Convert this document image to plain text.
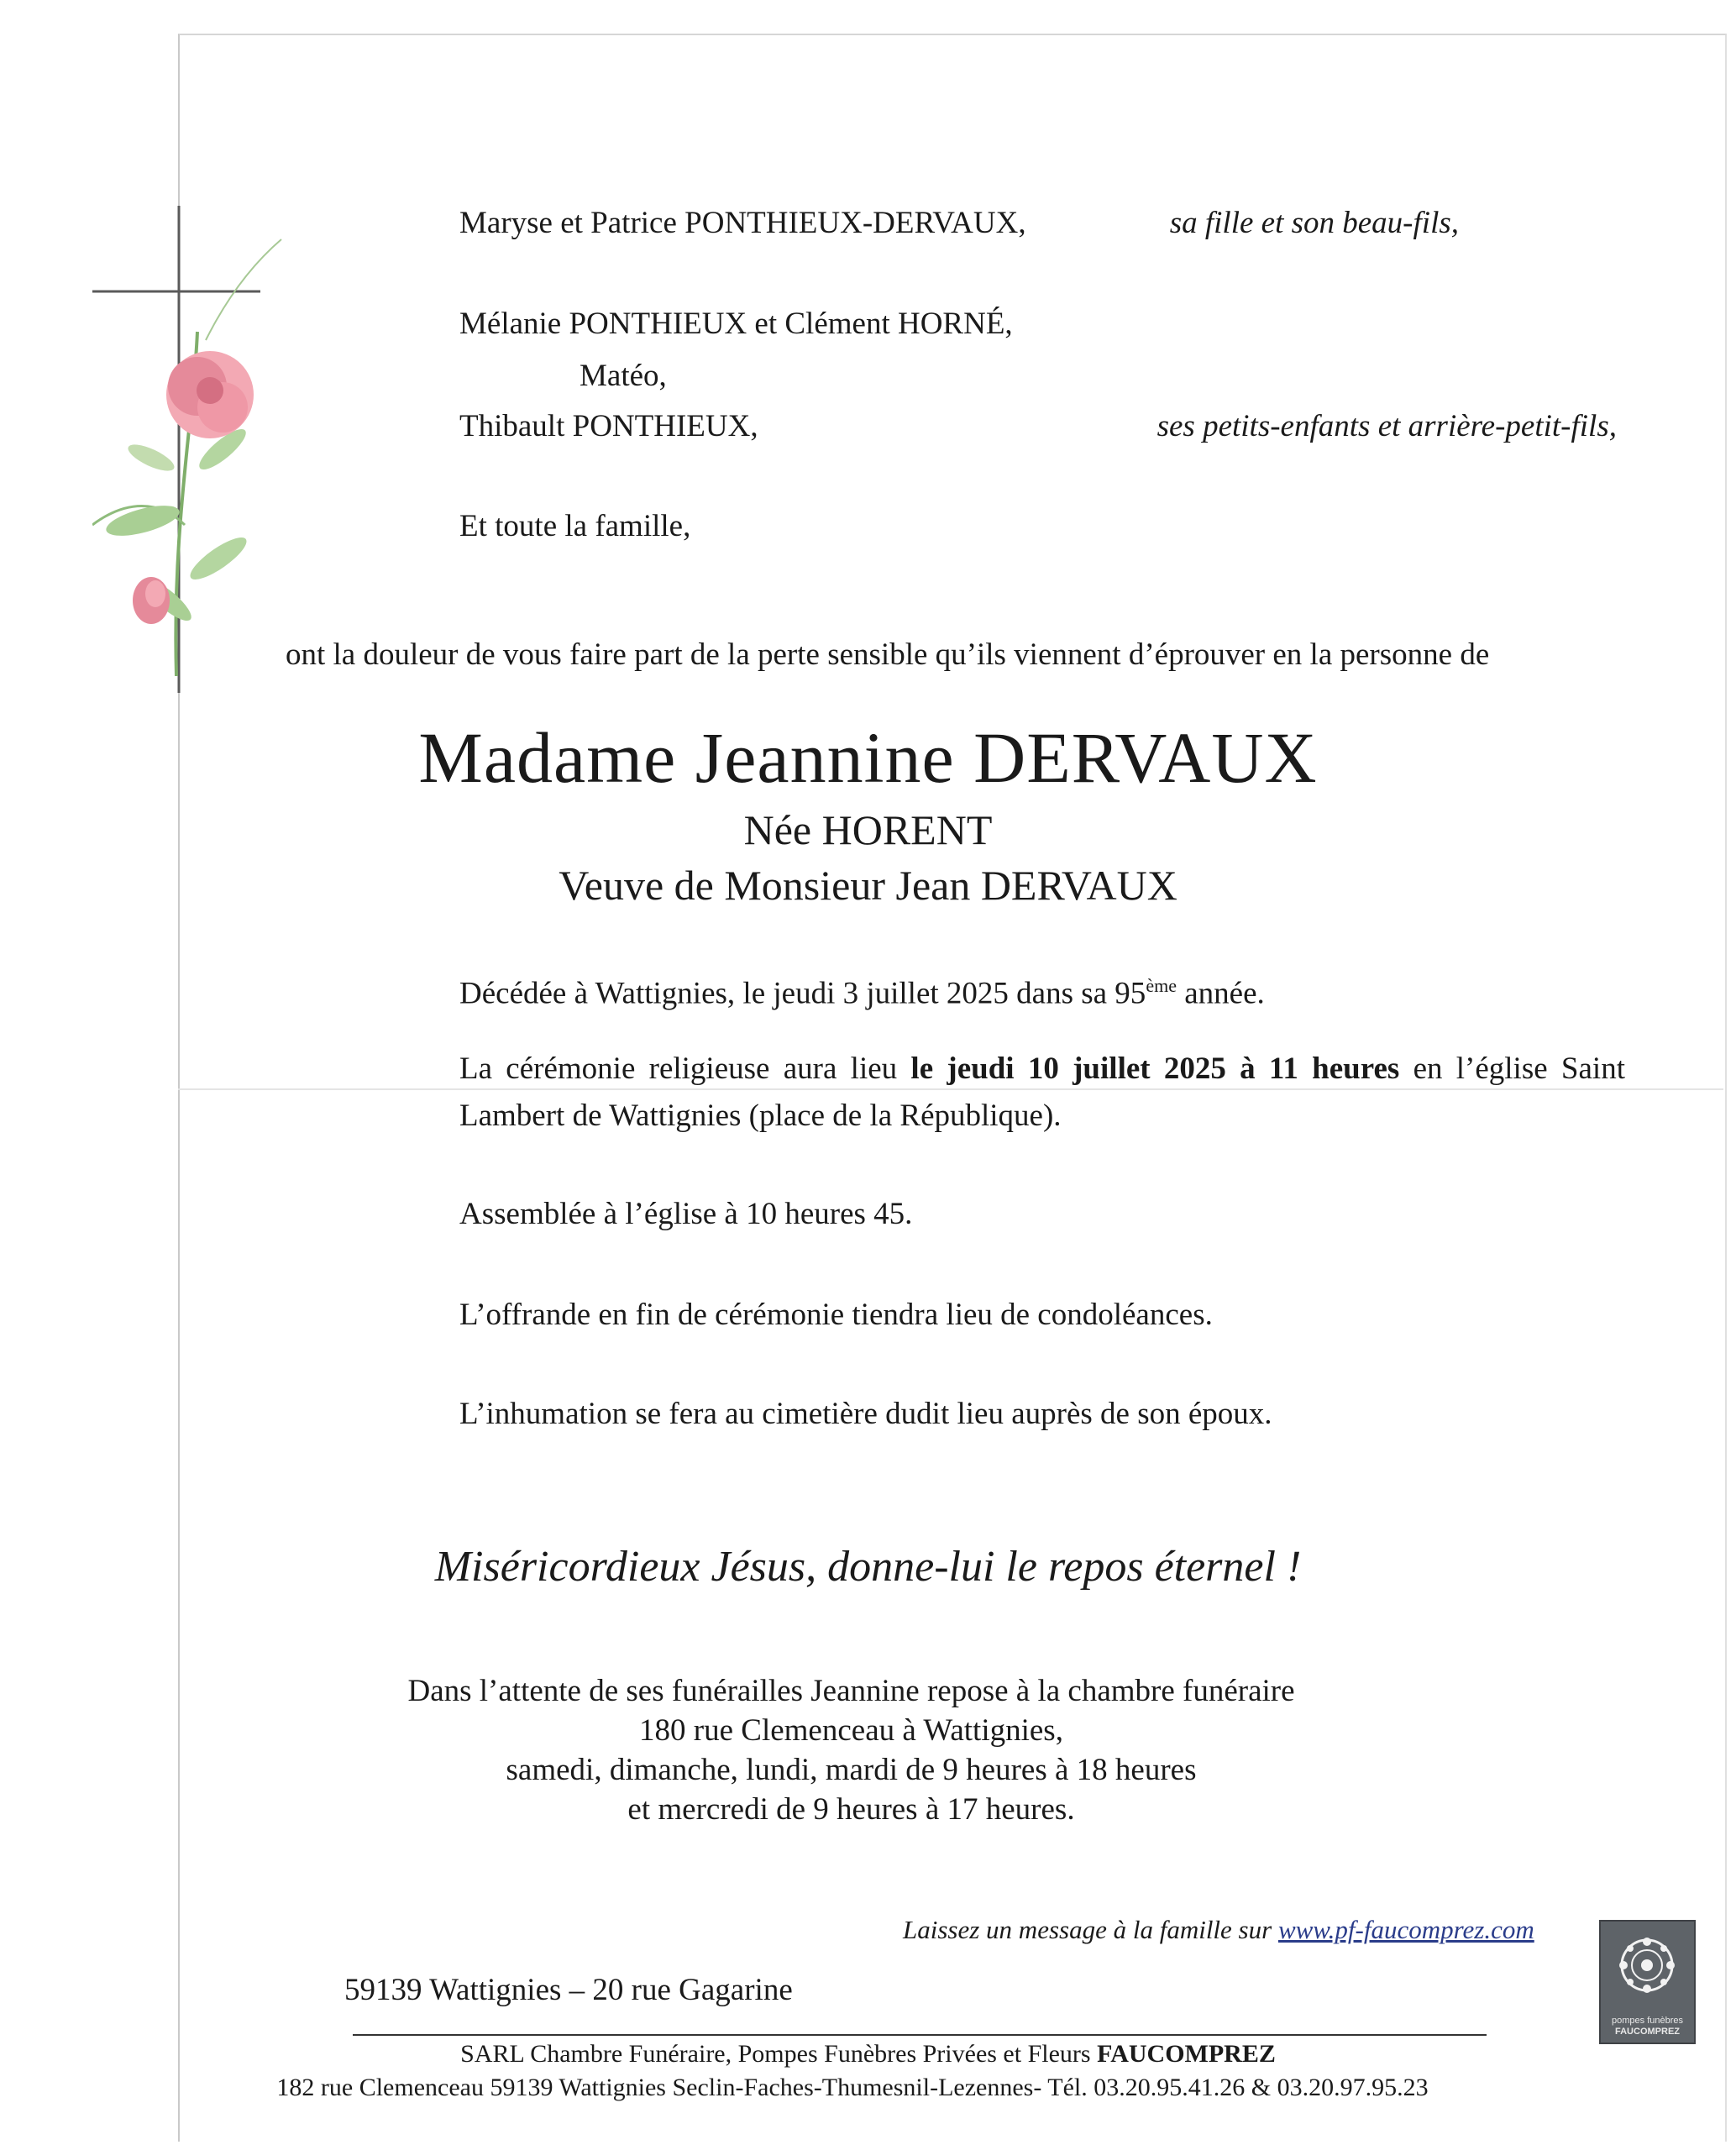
Maryse et Patrice PONTHIEUX-DERVAUX,	sa fille et son beau-fils,
Mélanie PONTHIEUX et Clément HORNÉ,
Matéo,
Thibault PONTHIEUX,	ses petits-enfants et arrière-petit-fils,
Et toute la famille,
ont la douleur de vous faire part de la perte sensible qu’ils viennent d’éprouver en la personne de
Madame Jeannine DERVAUX
Née HORENT
Veuve de Monsieur Jean DERVAUX
Décédée à Wattignies, le jeudi 3 juillet 2025 dans sa 95ème année.
La cérémonie religieuse aura lieu le jeudi 10 juillet 2025 à 11 heures en l’église Saint Lambert de Wattignies (place de la République).
Assemblée à l’église à 10 heures 45.
L’offrande en fin de cérémonie tiendra lieu de condoléances.
L’inhumation se fera au cimetière dudit lieu auprès de son époux.
Miséricordieux Jésus, donne-lui le repos éternel !
Dans l’attente de ses funérailles Jeannine repose à la chambre funéraire
180 rue Clemenceau à Wattignies,
samedi, dimanche, lundi, mardi de 9 heures à 18 heures
et mercredi de 9 heures à 17 heures.
Laissez un message à la famille sur www.pf-faucomprez.com
pompes funèbres
FAUCOMPREZ
59139 Wattignies – 20 rue Gagarine
SARL Chambre Funéraire, Pompes Funèbres Privées et Fleurs FAUCOMPREZ
182 rue Clemenceau 59139 Wattignies Seclin-Faches-Thumesnil-Lezennes- Tél. 03.20.95.41.26 & 03.20.97.95.23
